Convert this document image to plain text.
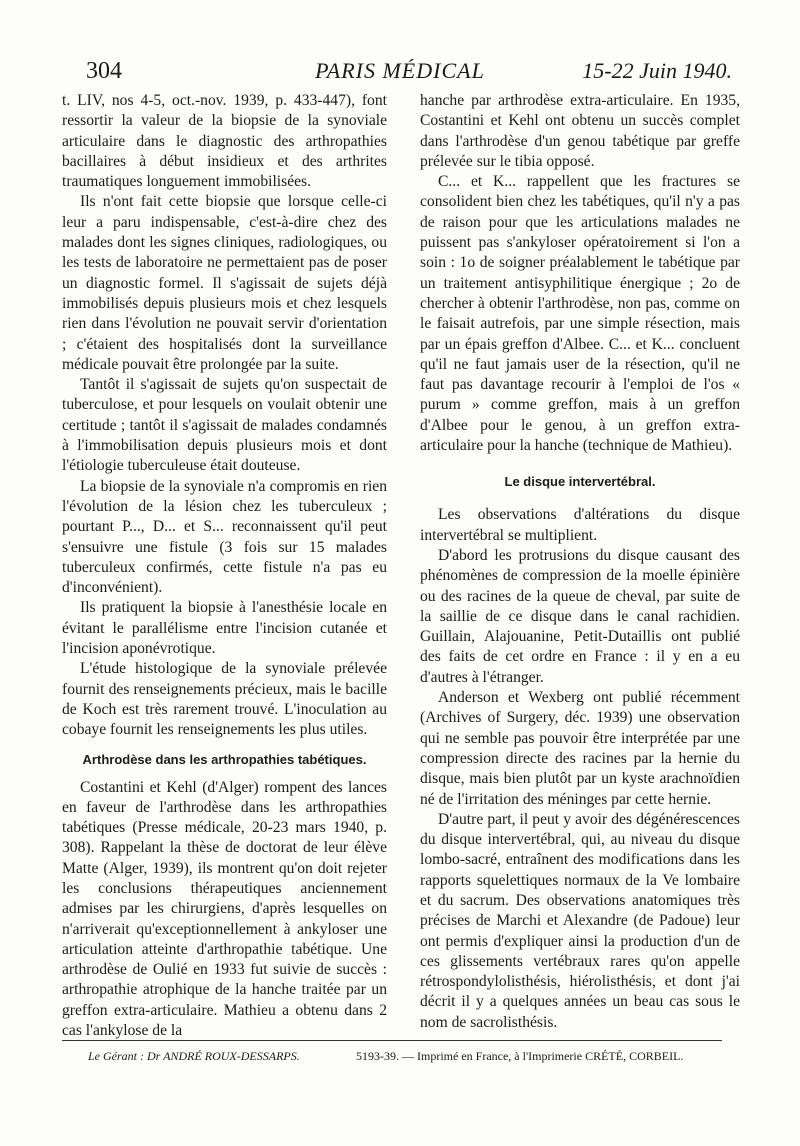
304	PARIS MÉDICAL	15-22 Juin 1940.

t. LIV, nos 4-5, oct.-nov. 1939, p. 433-447), font ressortir la valeur de la biopsie de la synoviale articulaire dans le diagnostic des arthropathies bacillaires à début insidieux et des arthrites traumatiques longuement immobilisées.

Ils n'ont fait cette biopsie que lorsque celle-ci leur a paru indispensable, c'est-à-dire chez des malades dont les signes cliniques, radiologiques, ou les tests de laboratoire ne permettaient pas de poser un diagnostic formel. Il s'agissait de sujets déjà immobilisés depuis plusieurs mois et chez lesquels rien dans l'évolution ne pouvait servir d'orientation ; c'étaient des hospitalisés dont la surveillance médicale pouvait être prolongée par la suite.

Tantôt il s'agissait de sujets qu'on suspectait de tuberculose, et pour lesquels on voulait obtenir une certitude ; tantôt il s'agissait de malades condamnés à l'immobilisation depuis plusieurs mois et dont l'étiologie tuberculeuse était douteuse.

La biopsie de la synoviale n'a compromis en rien l'évolution de la lésion chez les tuberculeux ; pourtant P..., D... et S... reconnaissent qu'il peut s'ensuivre une fistule (3 fois sur 15 malades tuberculeux confirmés, cette fistule n'a pas eu d'inconvénient).

Ils pratiquent la biopsie à l'anesthésie locale en évitant le parallélisme entre l'incision cutanée et l'incision aponévrotique.

L'étude histologique de la synoviale prélevée fournit des renseignements précieux, mais le bacille de Koch est très rarement trouvé. L'inoculation au cobaye fournit les renseignements les plus utiles.

Arthrodèse dans les arthropathies tabétiques.

Costantini et Kehl (d'Alger) rompent des lances en faveur de l'arthrodèse dans les arthropathies tabétiques (Presse médicale, 20-23 mars 1940, p. 308). Rappelant la thèse de doctorat de leur élève Matte (Alger, 1939), ils montrent qu'on doit rejeter les conclusions thérapeutiques anciennement admises par les chirurgiens, d'après lesquelles on n'arriverait qu'exceptionnellement à ankyloser une articulation atteinte d'arthropathie tabétique. Une arthrodèse de Oulié en 1933 fut suivie de succès : arthropathie atrophique de la hanche traitée par un greffon extra-articulaire. Mathieu a obtenu dans 2 cas l'ankylose de la

hanche par arthrodèse extra-articulaire. En 1935, Costantini et Kehl ont obtenu un succès complet dans l'arthrodèse d'un genou tabétique par greffe prélevée sur le tibia opposé.

C... et K... rappellent que les fractures se consolident bien chez les tabétiques, qu'il n'y a pas de raison pour que les articulations malades ne puissent pas s'ankyloser opératoirement si l'on a soin : 1o de soigner préalablement le tabétique par un traitement antisyphilitique énergique ; 2o de chercher à obtenir l'arthrodèse, non pas, comme on le faisait autrefois, par une simple résection, mais par un épais greffon d'Albee. C... et K... concluent qu'il ne faut jamais user de la résection, qu'il ne faut pas davantage recourir à l'emploi de l'os « purum » comme greffon, mais à un greffon d'Albee pour le genou, à un greffon extra-articulaire pour la hanche (technique de Mathieu).

Le disque intervertébral.

Les observations d'altérations du disque intervertébral se multiplient.

D'abord les protrusions du disque causant des phénomènes de compression de la moelle épinière ou des racines de la queue de cheval, par suite de la saillie de ce disque dans le canal rachidien. Guillain, Alajouanine, Petit-Dutaillis ont publié des faits de cet ordre en France : il y en a eu d'autres à l'étranger.

Anderson et Wexberg ont publié récemment (Archives of Surgery, déc. 1939) une observation qui ne semble pas pouvoir être interprétée par une compression directe des racines par la hernie du disque, mais bien plutôt par un kyste arachnoïdien né de l'irritation des méninges par cette hernie.

D'autre part, il peut y avoir des dégénérescences du disque intervertébral, qui, au niveau du disque lombo-sacré, entraînent des modifications dans les rapports squelettiques normaux de la Ve lombaire et du sacrum. Des observations anatomiques très précises de Marchi et Alexandre (de Padoue) leur ont permis d'expliquer ainsi la production d'un de ces glissements vertébraux rares qu'on appelle rétrospondylolisthésis, hiérolisthésis, et dont j'ai décrit il y a quelques années un beau cas sous le nom de sacrolisthésis.

Le Gérant : Dr ANDRÉ ROUX-DESSARPS.	5193-39. — Imprimé en France, à l'Imprimerie CRÉTÉ, CORBEIL.
